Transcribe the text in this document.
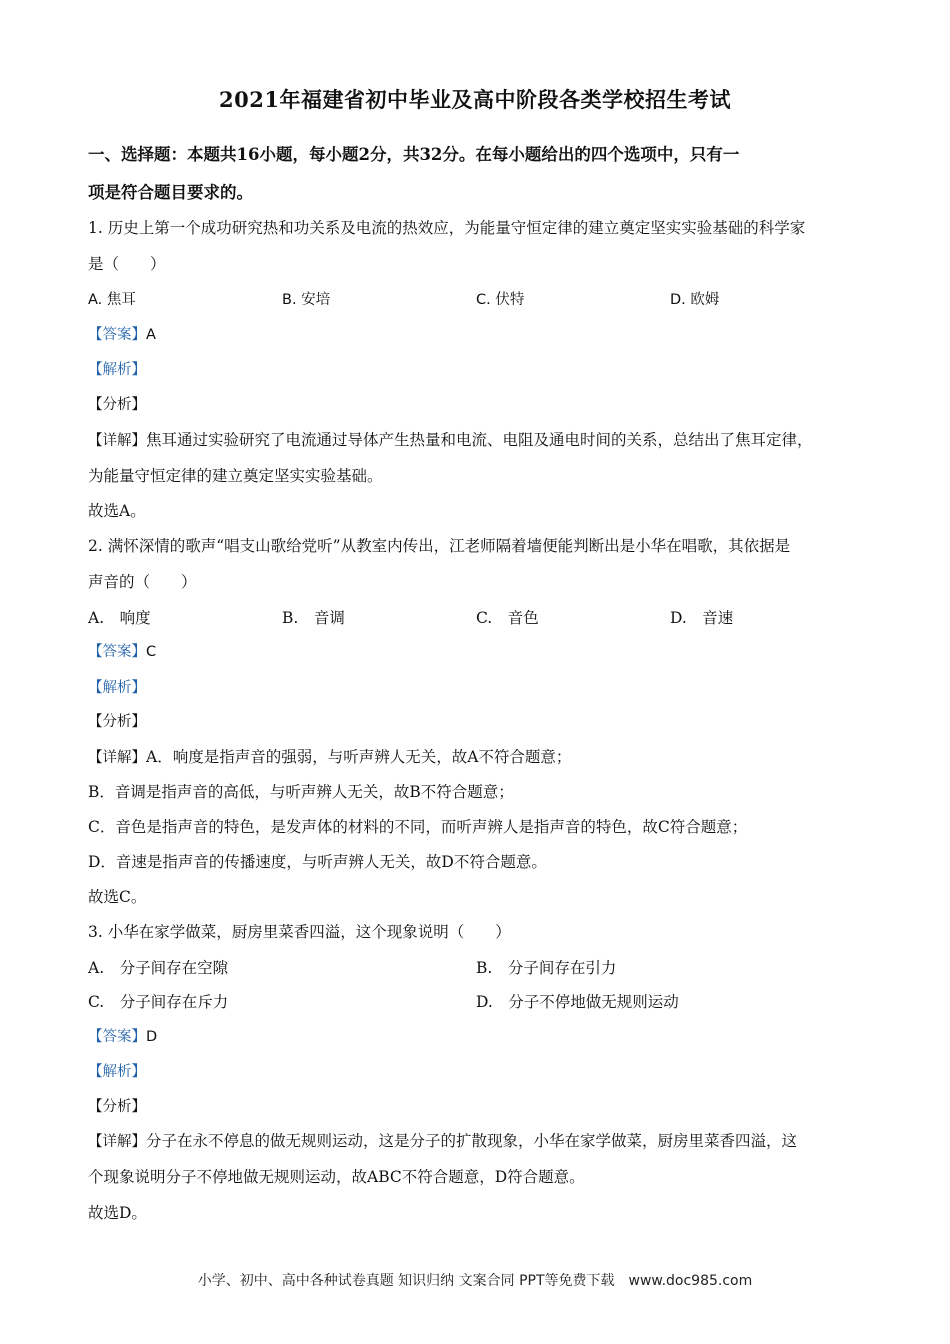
2021年福建省初中毕业及高中阶段各类学校招生考试
一、选择题：本题共16小题，每小题2分，共32分。在每小题给出的四个选项中，只有一
项是符合题目要求的。
1. 历史上第一个成功研究热和功关系及电流的热效应，为能量守恒定律的建立奠定坚实实验基础的科学家
是（　　）
A. 焦耳	B. 安培	C. 伏特	D. 欧姆
【答案】A
【解析】
【分析】
【详解】焦耳通过实验研究了电流通过导体产生热量和电流、电阻及通电时间的关系，总结出了焦耳定律，
为能量守恒定律的建立奠定坚实实验基础。
故选A。
2. 满怀深情的歌声“唱支山歌给党听”从教室内传出，江老师隔着墙便能判断出是小华在唱歌，其依据是
声音的（　　）
A.　响度	B.　音调	C.　音色	D.　音速
【答案】C
【解析】
【分析】
【详解】A．响度是指声音的强弱，与听声辨人无关，故A不符合题意；
B．音调是指声音的高低，与听声辨人无关，故B不符合题意；
C．音色是指声音的特色，是发声体的材料的不同，而听声辨人是指声音的特色，故C符合题意；
D．音速是指声音的传播速度，与听声辨人无关，故D不符合题意。
故选C。
3. 小华在家学做菜，厨房里菜香四溢，这个现象说明（　　）
A.　分子间存在空隙	B.　分子间存在引力
C.　分子间存在斥力	D.　分子不停地做无规则运动
【答案】D
【解析】
【分析】
【详解】分子在永不停息的做无规则运动，这是分子的扩散现象，小华在家学做菜，厨房里菜香四溢，这
个现象说明分子不停地做无规则运动，故ABC不符合题意，D符合题意。
故选D。
小学、初中、高中各种试卷真题 知识归纳 文案合同 PPT等免费下载　www.doc985.com
